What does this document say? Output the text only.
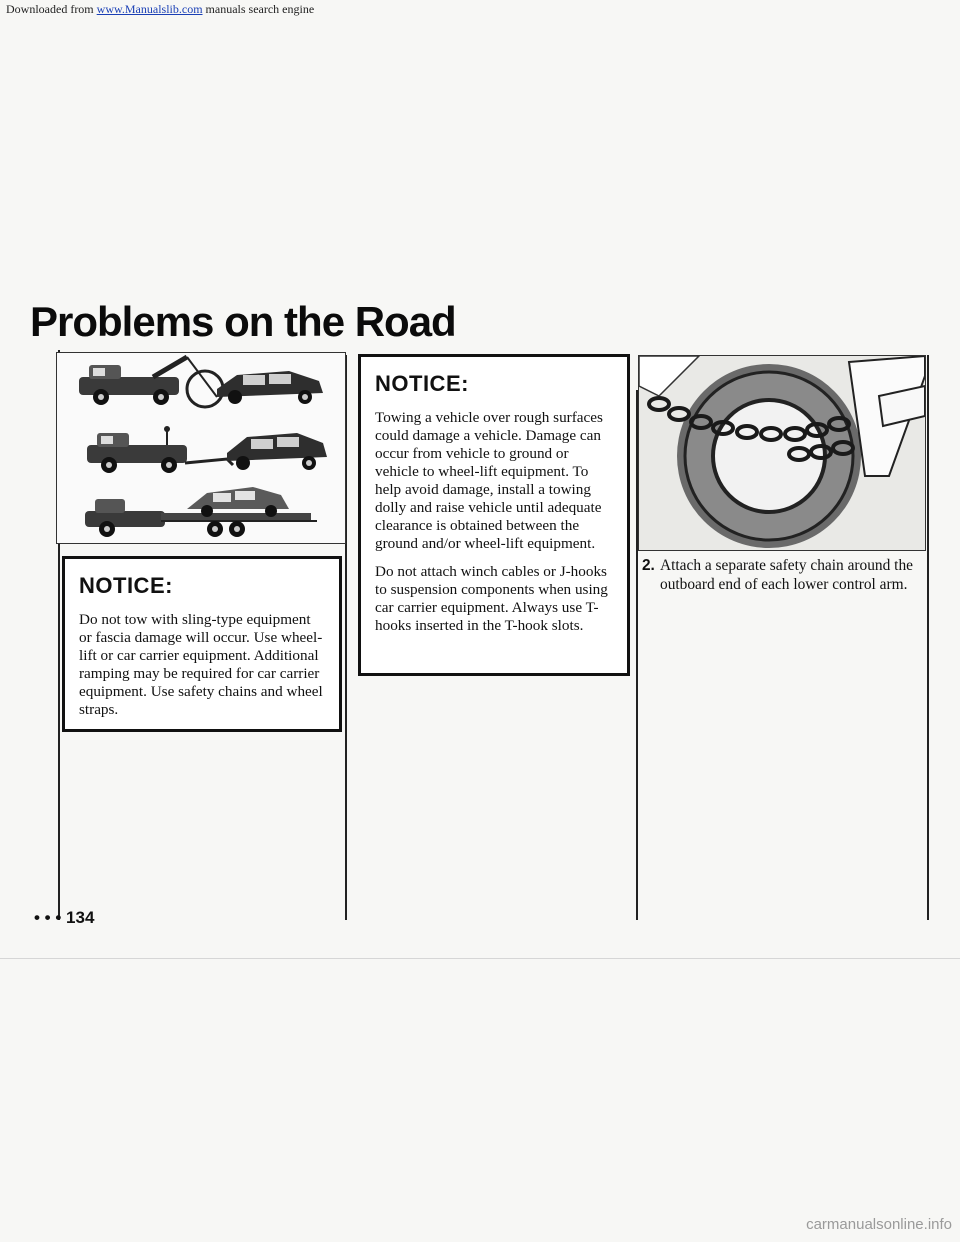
Downloaded from www.Manualslib.com manuals search engine
Problems on the Road
NOTICE:

Do not tow with sling-type equipment or fascia damage will occur. Use wheel-lift or car carrier equipment. Additional ramping may be required for car carrier equipment. Use safety chains and wheel straps.

NOTICE:

Towing a vehicle over rough surfaces could damage a vehicle. Damage can occur from vehicle to ground or vehicle to wheel-lift equipment. To help avoid damage, install a towing dolly and raise vehicle until adequate clearance is obtained between the ground and/or wheel-lift equipment.

Do not attach winch cables or J-hooks to suspension components when using car carrier equipment. Always use T-hooks inserted in the T-hook slots.

2. Attach a separate safety chain around the outboard end of each lower control arm.
• • • 134
carmanualsonline.info
